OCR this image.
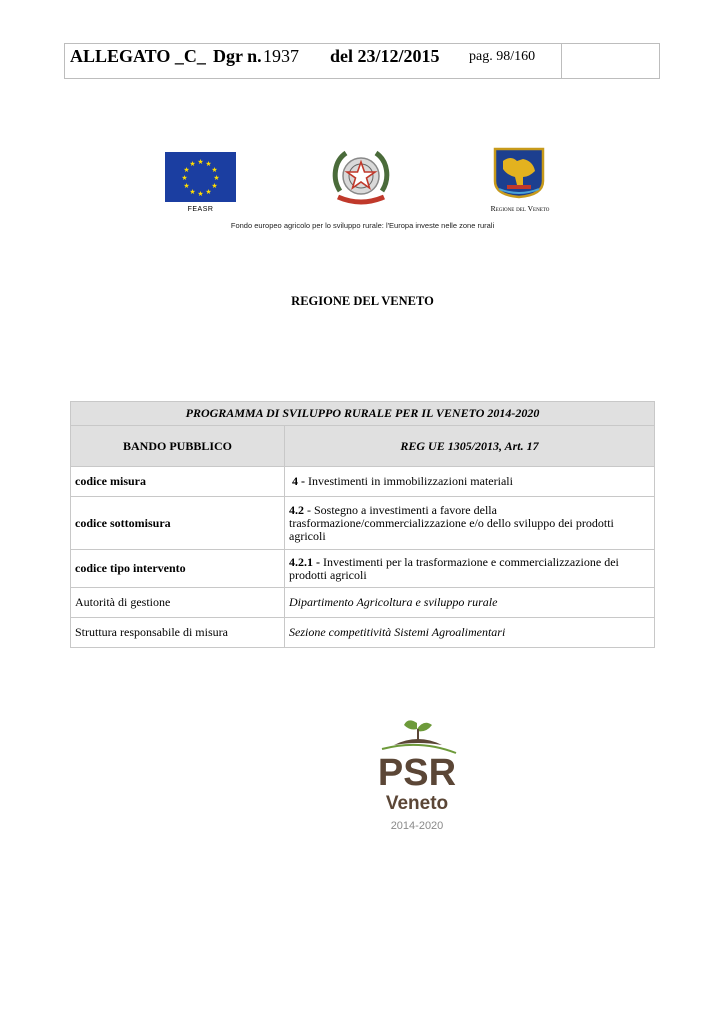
ALLEGATO _C_ Dgr n. 1937 del 23/12/2015 pag. 98/160
★ ★
★
★
★
★
★
★
★
★
★
★
FEASR	Regione del Veneto
Fondo europeo agricolo per lo sviluppo rurale: l'Europa investe nelle zone rurali
REGIONE DEL VENETO
PROGRAMMA DI SVILUPPO RURALE PER IL VENETO 2014-2020	
BANDO PUBBLICO	REG UE 1305/2013, Art. 17
codice misura	4 - Investimenti in immobilizzazioni materiali
codice sottomisura	4.2 - Sostegno a investimenti a favore della trasformazione/commercializzazione e/o dello sviluppo dei prodotti agricoli
codice tipo intervento	4.2.1 - Investimenti per la trasformazione e commercializzazione dei prodotti agricoli
Autorità di gestione	Dipartimento Agricoltura e sviluppo rurale
Struttura responsabile di misura	Sezione competitività Sistemi Agroalimentari
PSR
Veneto
2014-2020
